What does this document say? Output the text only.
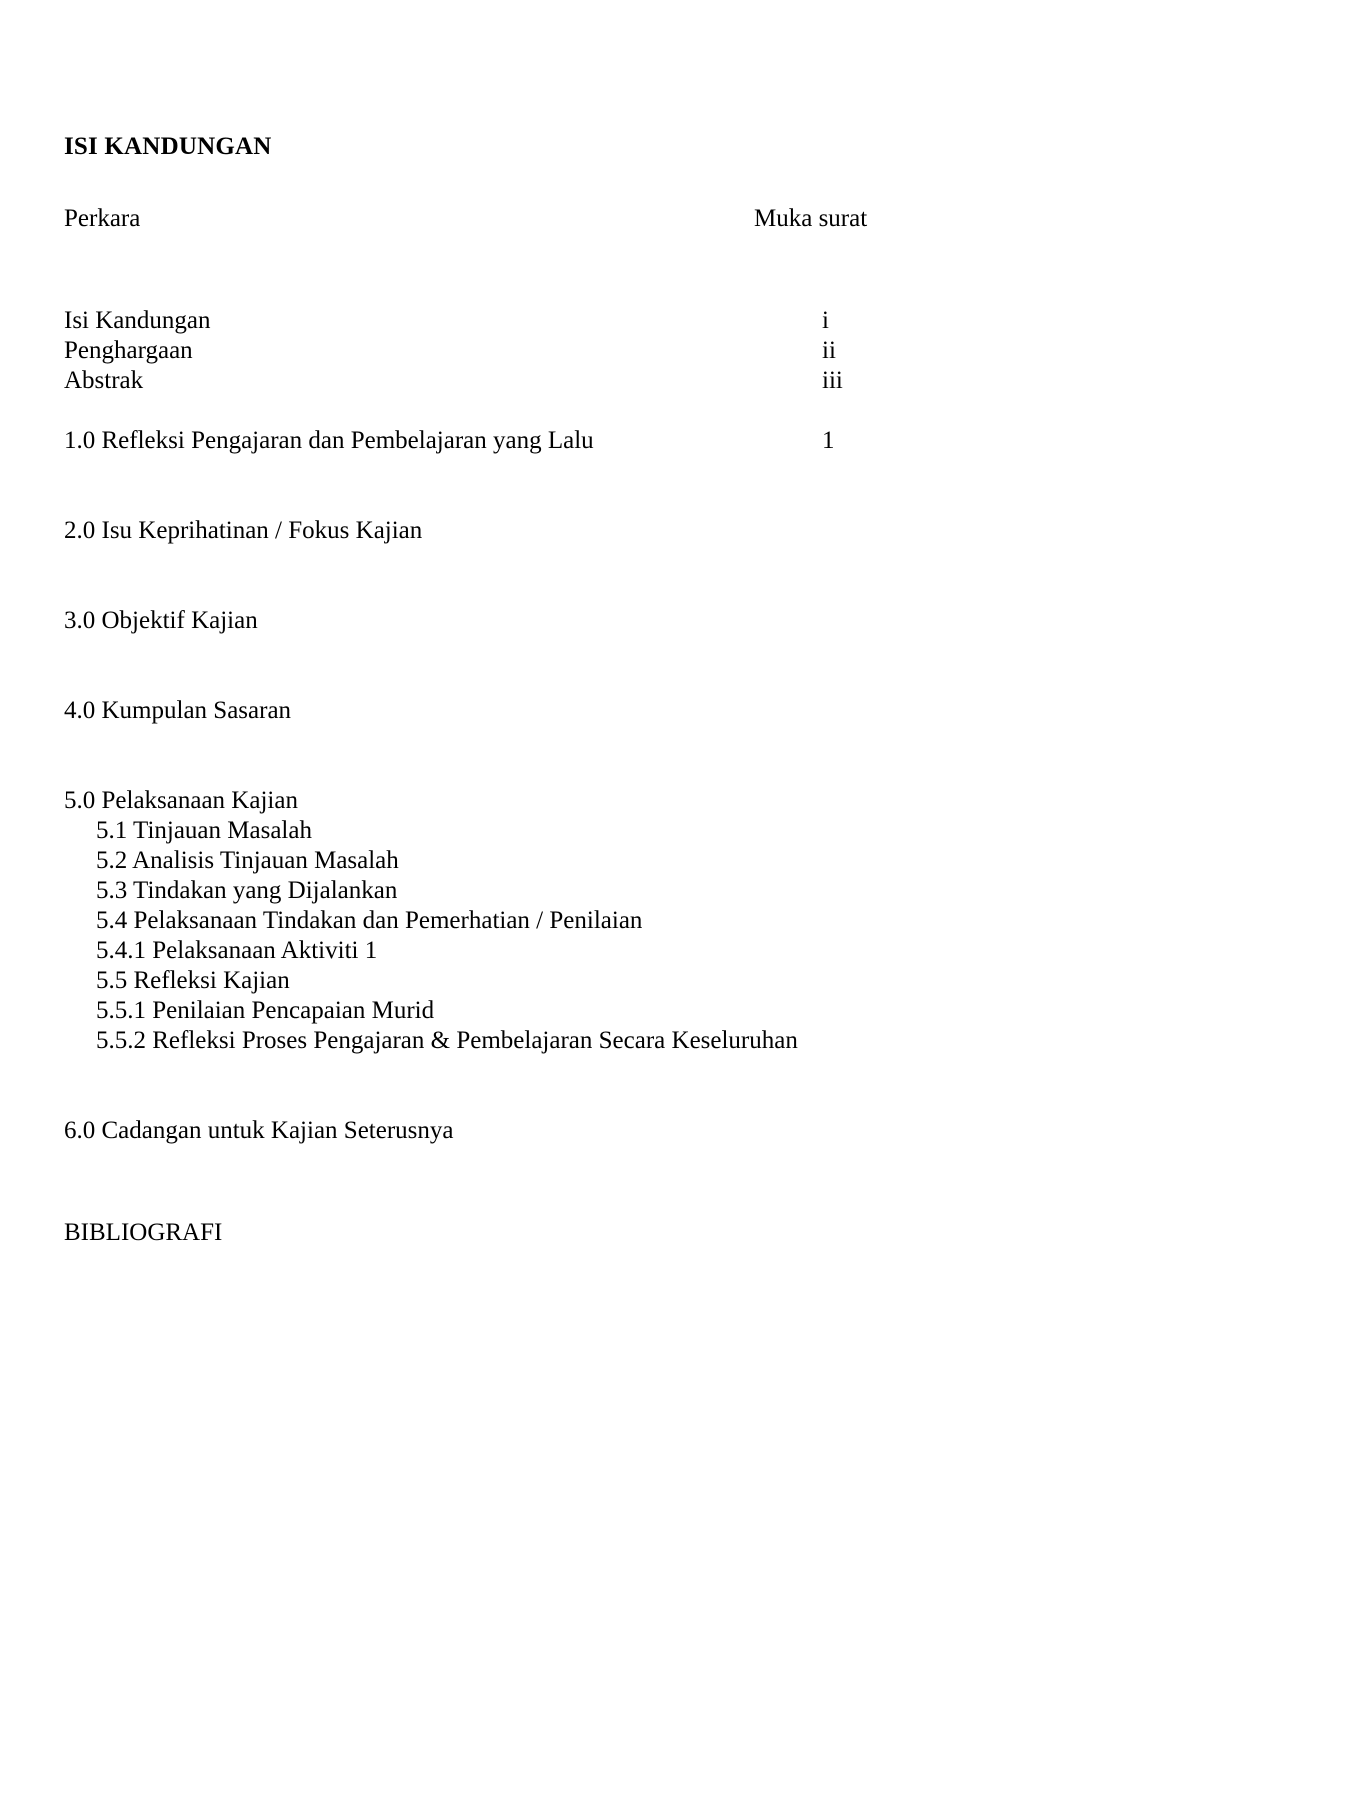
ISI KANDUNGAN
Perkara	Muka surat
Isi Kandungan	i
Penghargaan	ii
Abstrak	iii
1.0 Refleksi Pengajaran dan Pembelajaran yang Lalu	1
2.0 Isu Keprihatinan / Fokus Kajian
3.0 Objektif Kajian
4.0 Kumpulan Sasaran
5.0 Pelaksanaan Kajian
5.1 Tinjauan Masalah
5.2 Analisis Tinjauan Masalah
5.3 Tindakan yang Dijalankan
5.4 Pelaksanaan Tindakan dan Pemerhatian / Penilaian
5.4.1 Pelaksanaan Aktiviti 1
5.5 Refleksi Kajian
5.5.1 Penilaian Pencapaian Murid
5.5.2 Refleksi Proses Pengajaran & Pembelajaran Secara Keseluruhan
6.0 Cadangan untuk Kajian Seterusnya
BIBLIOGRAFI
